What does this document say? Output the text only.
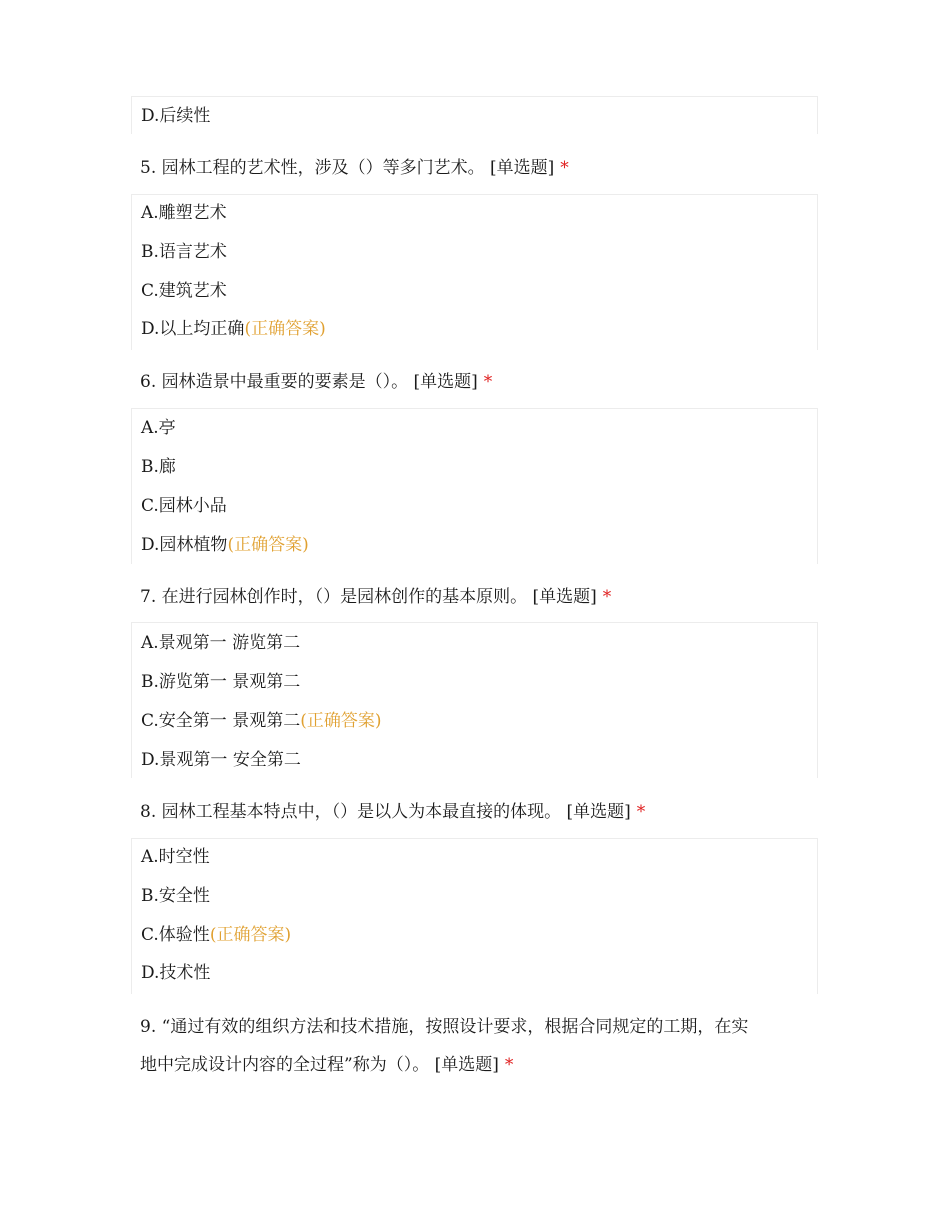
D.后续性
5. 园林工程的艺术性，涉及（）等多门艺术。 [单选题] *
A.雕塑艺术
B.语言艺术
C.建筑艺术
D.以上均正确(正确答案)
6. 园林造景中最重要的要素是（）。 [单选题] *
A.亭
B.廊
C.园林小品
D.园林植物(正确答案)
7. 在进行园林创作时，（）是园林创作的基本原则。 [单选题] *
A.景观第一 游览第二
B.游览第一 景观第二
C.安全第一 景观第二(正确答案)
D.景观第一 安全第二
8. 园林工程基本特点中，（）是以人为本最直接的体现。 [单选题] *
A.时空性
B.安全性
C.体验性(正确答案)
D.技术性
9. “通过有效的组织方法和技术措施，按照设计要求，根据合同规定的工期，在实
地中完成设计内容的全过程”称为（）。 [单选题] *
